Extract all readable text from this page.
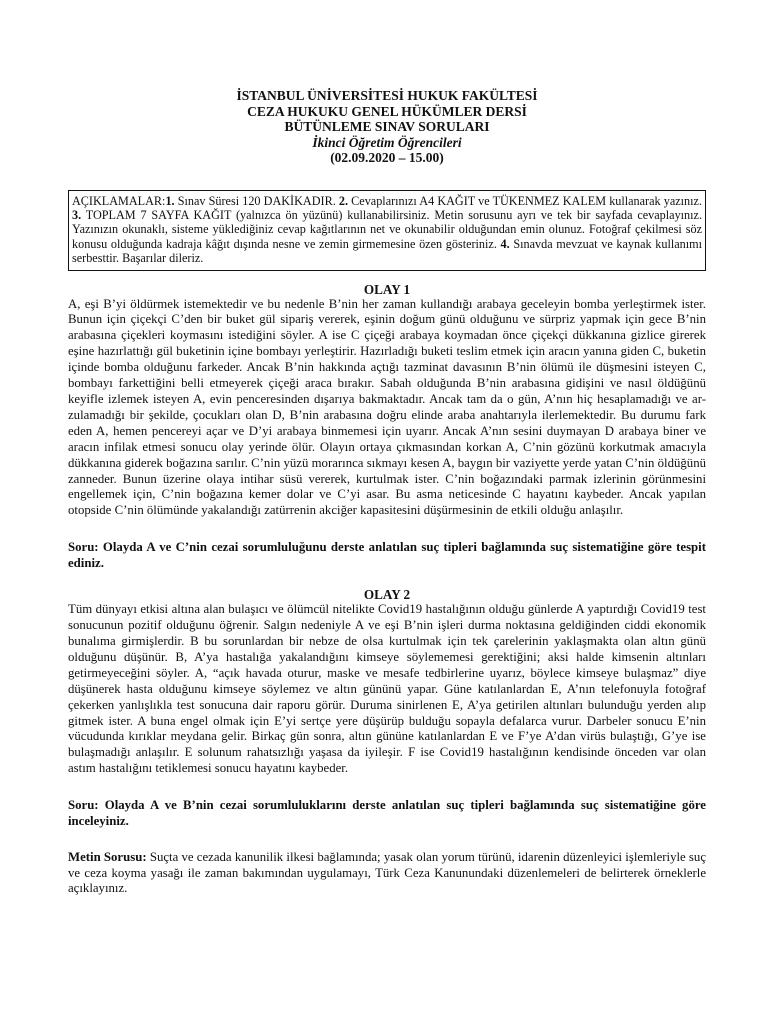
İSTANBUL ÜNİVERSİTESİ HUKUK FAKÜLTESİ
CEZA HUKUKU GENEL HÜKÜMLER DERSİ
BÜTÜNLEME SINAV SORULARI
İkinci Öğretim Öğrencileri
(02.09.2020 – 15.00)
AÇIKLAMALAR:1. Sınav Süresi 120 DAKİKADIR. 2. Cevaplarınızı A4 KAĞIT ve TÜKENMEZ KALEM kullanarak yazınız. 3. TOPLAM 7 SAYFA KAĞIT (yalnızca ön yüzünü) kullanabilirsiniz. Metin sorusunu ayrı ve tek bir sayfada cevaplayınız. Yazınızın okunaklı, sisteme yüklediğiniz cevap kağıtlarının net ve okunabilir olduğundan emin olunuz. Fotoğraf çekilmesi söz konusu olduğunda kadraja kâğıt dışında nesne ve zemin girmemesine özen gösteriniz. 4. Sınavda mevzuat ve kaynak kullanımı serbesttir. Başarılar dileriz.
OLAY 1

A, eşi B’yi öldürmek istemektedir ve bu nedenle B’nin her zaman kullandığı arabaya geceleyin bomba yerleştirmek ister. Bunun için çiçekçi C’den bir buket gül sipariş vererek, eşinin doğum günü olduğunu ve sürpriz yapmak için gece B’nin arabasına çiçekleri koymasını istediğini söyler. A ise C çiçeği arabaya koymadan önce çiçekçi dükkanına gizlice girerek eşine hazırlattığı gül buketinin içine bombayı yerleştirir. Hazırladığı buketi teslim etmek için aracın yanına giden C, buketin içinde bomba olduğunu farkeder. Ancak B’nin hakkında açtığı tazminat davasının B’nin ölümü ile düşmesini isteyen C, bombayı farkettiğini belli etmeyerek çiçeği araca bırakır. Sabah olduğunda B’nin arabasına gidişini ve nasıl öldüğünü keyifle izlemek isteyen A, evin penceresinden dışarıya bakmaktadır. Ancak tam da o gün, A’nın hiç hesaplamadığı ve ar- zulamadığı bir şekilde, çocukları olan D, B’nin arabasına doğru elinde araba anahtarıyla ilerlemektedir. Bu durumu fark eden A, hemen pencereyi açar ve D’yi arabaya binmemesi için uyarır. Ancak A’nın sesini duymayan D arabaya biner ve aracın infilak etmesi sonucu olay yerinde ölür. Olayın ortaya çıkmasından korkan A, C’nin gözünü korkutmak amacıyla dükkanına giderek boğazına sarılır. C’nin yüzü morarınca sıkmayı kesen A, baygın bir vaziyette yerde yatan C’nin öldüğünü zanneder. Bunun üzerine olaya intihar süsü vererek, kurtulmak ister. C’nin boğazındaki parmak izlerinin görünmesini engellemek için, C’nin boğazına kemer dolar ve C’yi asar. Bu asma neticesinde C hayatını kaybeder. Ancak yapılan otopside C’nin ölümünde yakalandığı zatürrenin akciğer kapasitesini düşürmesinin de etkili olduğu anlaşılır.

Soru: Olayda A ve C’nin cezai sorumluluğunu derste anlatılan suç tipleri bağlamında suç sistematiğine göre tespit ediniz.

OLAY 2

Tüm dünyayı etkisi altına alan bulaşıcı ve ölümcül nitelikte Covid19 hastalığının olduğu günlerde A yaptırdığı Covid19 test sonucunun pozitif olduğunu öğrenir. Salgın nedeniyle A ve eşi B’nin işleri durma noktasına geldiğinden ciddi ekonomik bunalıma girmişlerdir. B bu sorunlardan bir nebze de olsa kurtulmak için tek çarelerinin yaklaşmakta olan altın günü olduğunu düşünür. B, A’ya hastalığa yakalandığını kimseye söylememesi gerektiğini; aksi halde kimsenin altınları getirmeyeceğini söyler. A, “açık havada oturur, maske ve mesafe tedbirlerine uyarız, böylece kimseye bulaşmaz” diye düşünerek hasta olduğunu kimseye söylemez ve altın gününü yapar. Güne katılanlardan E, A’nın telefonuyla fotoğraf çekerken yanlışlıkla test sonucuna dair raporu görür. Duruma sinirlenen E, A’ya getirilen altınları bulunduğu yerden alıp gitmek ister. A buna engel olmak için E’yi sertçe yere düşürüp bulduğu sopayla defalarca vurur. Darbeler sonucu E’nin vücudunda kırıklar meydana gelir. Birkaç gün sonra, altın gününe katılanlardan E ve F’ye A’dan virüs bulaştığı, G’ye ise bulaşmadığı anlaşılır. E solunum rahatsızlığı yaşasa da iyileşir. F ise Covid19 hastalığının kendisinde önceden var olan astım hastalığını tetiklemesi sonucu hayatını kaybeder.

Soru: Olayda A ve B’nin cezai sorumluluklarını derste anlatılan suç tipleri bağlamında suç sistematiğine göre inceleyiniz.

Metin Sorusu: Suçta ve cezada kanunilik ilkesi bağlamında; yasak olan yorum türünü, idarenin düzenleyici işlemleriyle suç ve ceza koyma yasağı ile zaman bakımından uygulamayı, Türk Ceza Kanunundaki düzenlemeleri de belirterek örneklerle açıklayınız.
